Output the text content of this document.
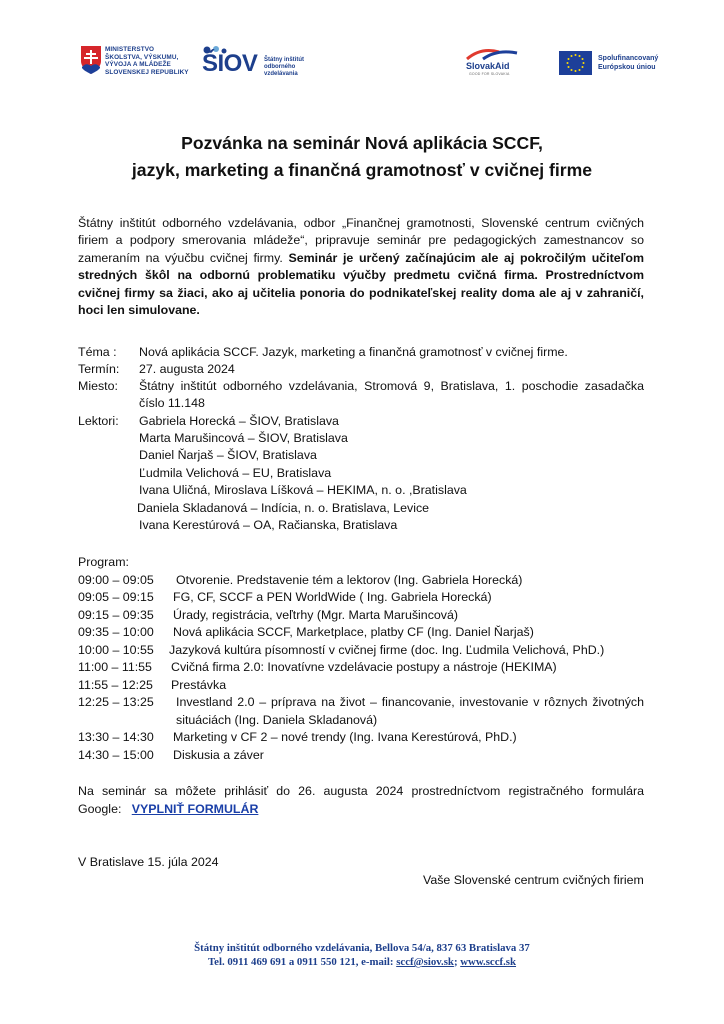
MINISTERSTVO
ŠKOLSTVA, VÝSKUMU,
VÝVOJA A MLÁDEŽE
SLOVENSKEJ REPUBLIKY ŠIOV Štátny inštitút
odborného
vzdelávania
SlovakAid
GOOD FOR SLOVAKIA
Spolufinancovaný
Európskou úniou
Pozvánka na seminár Nová aplikácia SCCF,
jazyk, marketing a finančná gramotnosť v cvičnej firme
Štátny inštitút odborného vzdelávania, odbor „Finančnej gramotnosti, Slovenské centrum cvičných firiem a podpory smerovania mládeže“, pripravuje seminár pre pedagogických zamestnancov so zameraním na výučbu cvičnej firmy. Seminár je určený začínajúcim ale aj pokročilým učiteľom stredných škôl na odbornú problematiku výučby predmetu cvičná firma. Prostredníctvom cvičnej firmy sa žiaci, ako aj učitelia ponoria do podnikateľskej reality doma ale aj v zahraničí, hoci len simulovane.
Téma : Nová aplikácia SCCF. Jazyk, marketing a finančná gramotnosť v cvičnej firme.
Termín: 27. augusta 2024
Miesto: Štátny inštitút odborného vzdelávania, Stromová 9, Bratislava, 1. poschodie zasadačka
číslo 11.148
Lektori: Gabriela Horecká – ŠIOV, Bratislava
Marta Marušincová – ŠIOV, Bratislava
Daniel Ňarjaš – ŠIOV, Bratislava
Ľudmila Velichová – EU, Bratislava
Ivana Uličná, Miroslava Líšková – HEKIMA, n. o. ,Bratislava
Daniela Skladanová – Indícia, n. o. Bratislava, Levice
Ivana Kerestúrová – OA, Račianska, Bratislava
Program:
09:00 – 09:05 Otvorenie. Predstavenie tém a lektorov (Ing. Gabriela Horecká)
09:05 – 09:15 FG, CF, SCCF a PEN WorldWide ( Ing. Gabriela Horecká)
09:15 – 09:35 Úrady, registrácia, veľtrhy (Mgr. Marta Marušincová)
09:35 – 10:00 Nová aplikácia SCCF, Marketplace, platby CF (Ing. Daniel Ňarjaš)
10:00 – 10:55 Jazyková kultúra písomností v cvičnej firme (doc. Ing. Ľudmila Velichová, PhD.)
11:00 – 11:55 Cvičná firma 2.0: Inovatívne vzdelávacie postupy a nástroje (HEKIMA)
11:55 – 12:25 Prestávka
12:25 – 13:25 Investland 2.0 – príprava na život – financovanie, investovanie v rôznych životných
situáciách (Ing. Daniela Skladanová)
13:30 – 14:30 Marketing v CF 2 – nové trendy (Ing. Ivana Kerestúrová, PhD.)
14:30 – 15:00 Diskusia a záver
Na seminár sa môžete prihlásiť do 26. augusta 2024 prostredníctvom registračného formulára
Google: VYPLNIŤ FORMULÁR
V Bratislave 15. júla 2024
Vaše Slovenské centrum cvičných firiem
Štátny inštitút odborného vzdelávania, Bellova 54/a, 837 63 Bratislava 37
Tel. 0911 469 691 a 0911 550 121, e-mail: sccf@siov.sk; www.sccf.sk
